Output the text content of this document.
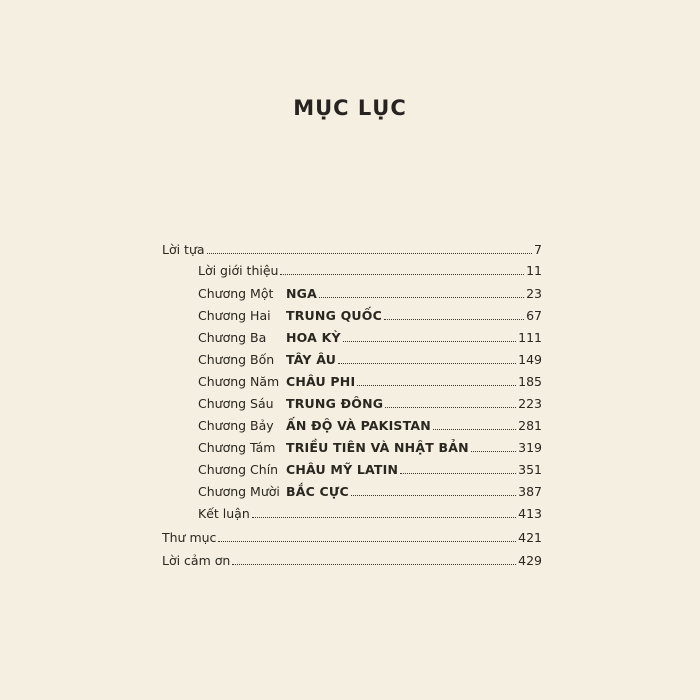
MỤC LỤC
Lời tựa	7
Lời giới thiệu	11
Chương Một	NGA	23
Chương Hai	TRUNG QUỐC	67
Chương Ba	HOA KỲ	111
Chương Bốn TÂY ÂU	149
Chương Năm CHÂU PHI	185
Chương Sáu TRUNG ĐÔNG	223
Chương Bảy ẤN ĐỘ VÀ PAKISTAN	281
Chương Tám TRIỀU TIÊN VÀ NHẬT BẢN	319
Chương Chín CHÂU MỸ LATIN	351
Chương Mười BẮC CỰC	387
Kết luận	413
Thư mục	421
Lời cảm ơn	429
